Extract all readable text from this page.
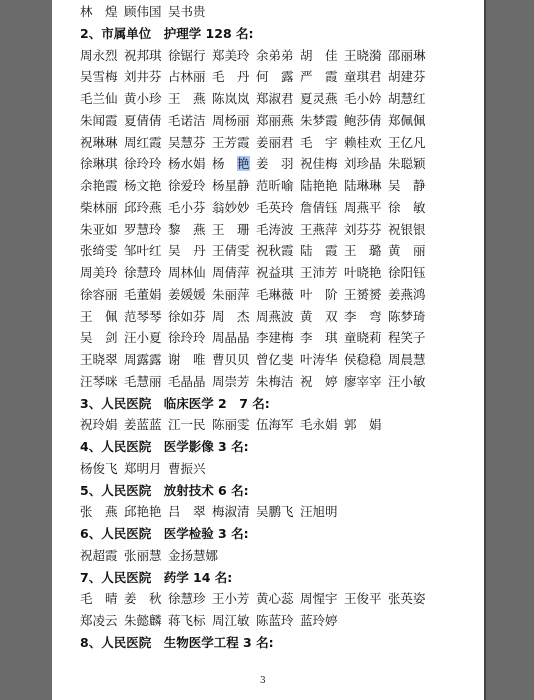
林　煌 顾伟国 吴书贵
2、市属单位　护理学 128 名:
周永烈 祝邦琪 徐锯行 郑美玲 余弟弟 胡　佳 王晓漪 邵丽琳
吴雪梅 刘井芬 占林丽 毛　丹 何　露 严　霞 童琪君 胡建芬
毛兰仙 黄小珍 王　燕 陈岚岚 郑淑君 夏灵燕 毛小妗 胡慧红
朱闻霞 夏倩倩 毛诺洁 周杨丽 郑丽燕 朱梦霞 鲍莎倩 郑佩佩
祝琳琳 周红霞 吴慧芬 王芳霞 姜丽君 毛　宇 赖桂欢 王亿凡
徐琳琪 徐玲玲 杨水娟 杨　艳 姜　羽 祝佳梅 刘珍晶 朱聪颖
余艳霞 杨文艳 徐爱玲 杨星静 范昕喻 陆艳艳 陆琳琳 吴　静
柴林丽 邱玲燕 毛小芬 翁妙妙 毛英玲 詹倩钰 周燕平 徐　敏
朱亚如 罗慧玲 黎　燕 王　珊 毛涛波 王燕萍 刘芬芬 祝银银
张绮雯 邹叶红 吴　丹 王倩雯 祝秋霞 陆　霞 王　璐 黄　丽
周美玲 徐慧玲 周林仙 周倩萍 祝益琪 王沛芳 叶晓艳 徐阳钰
徐容丽 毛董娟 姜媛媛 朱丽萍 毛琳薇 叶　阶 王赟赟 姜燕鸿
王　佩 范琴琴 徐如芬 周　杰 周燕波 黄　双 李　弯 陈梦琦
吴　剑 汪小夏 徐玲玲 周晶晶 李建梅 李　琪 童晓莉 程笑子
王晓翠 周露露 谢　唯 曹贝贝 曾亿斐 叶涛华 侯稳稳 周晨慧
汪琴咪 毛慧丽 毛晶晶 周崇芳 朱梅洁 祝　婷 廖宰宰 汪小敏
3、人民医院　临床医学 2　7 名:
祝玲娟 姜蓝蓝 江一民 陈丽雯 伍海军 毛永娟 郭　娟
4、人民医院　医学影像 3 名:
杨俊飞 郑明月 曹振兴
5、人民医院　放射技术 6 名:
张　燕 邱艳艳 吕　翠 梅淑清 吴鹏飞 汪旭明
6、人民医院　医学检验 3 名:
祝超霞 张丽慧 金扬慧娜
7、人民医院　药学 14 名:
毛　晴 姜　秋 徐慧珍 王小芳 黄心蕊 周惺宇 王俊平 张英姿
郑凌云 朱懿麟 蒋飞标 周江敏 陈蓝玲 蓝玲婷
8、人民医院　生物医学工程 3 名:
3
